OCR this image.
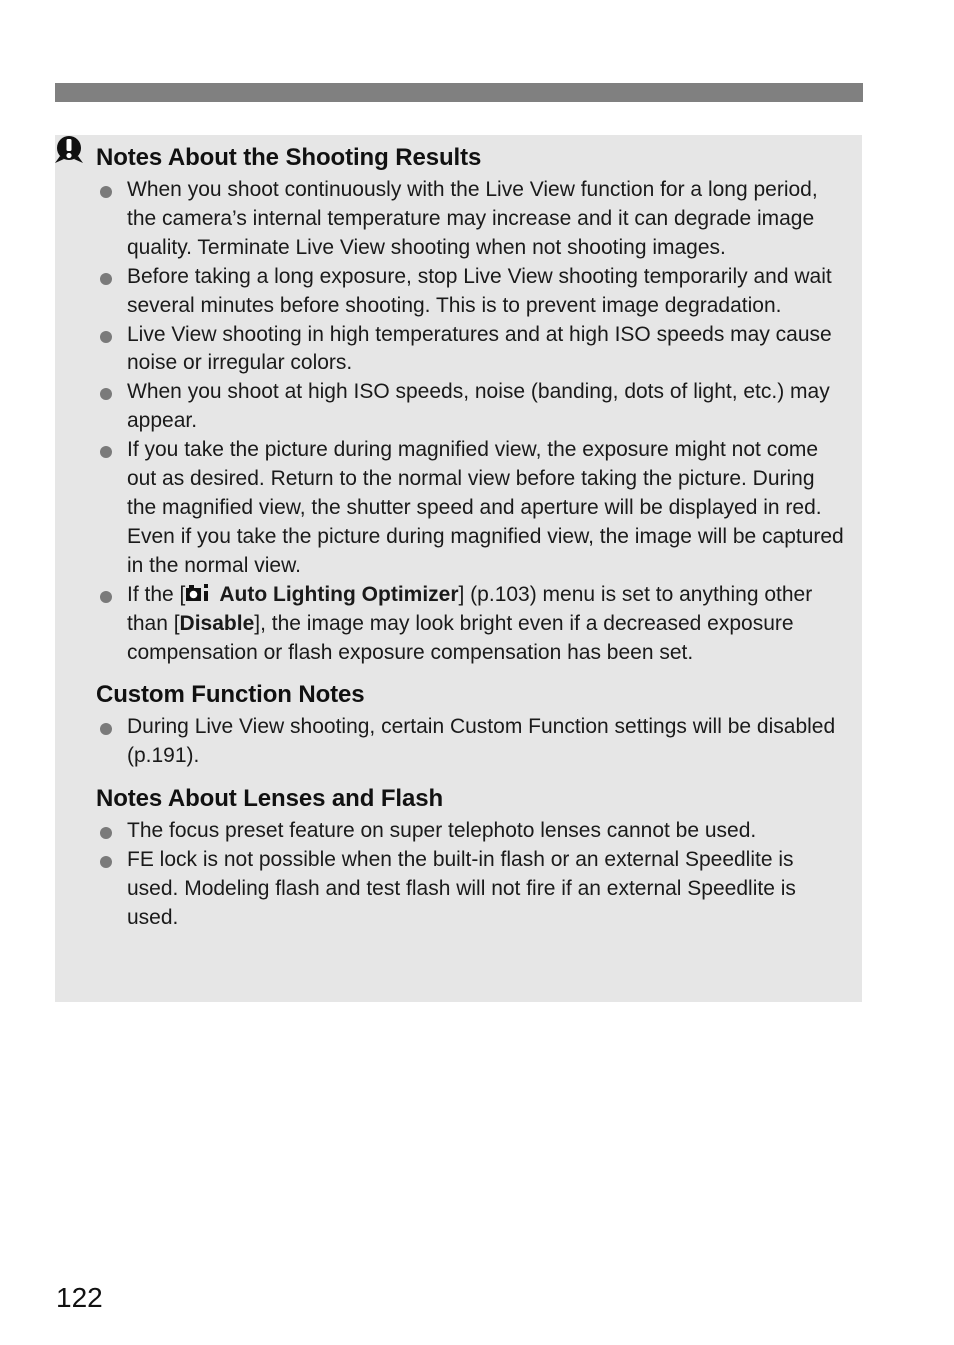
Notes About the Shooting Results
When you shoot continuously with the Live View function for a long period, the camera’s internal temperature may increase and it can degrade image quality. Terminate Live View shooting when not shooting images.
Before taking a long exposure, stop Live View shooting temporarily and wait several minutes before shooting. This is to prevent image degradation.
Live View shooting in high temperatures and at high ISO speeds may cause noise or irregular colors.
When you shoot at high ISO speeds, noise (banding, dots of light, etc.) may appear.
If you take the picture during magnified view, the exposure might not come out as desired. Return to the normal view before taking the picture. During the magnified view, the shutter speed and aperture will be displayed in red. Even if you take the picture during magnified view, the image will be captured in the normal view.
If the [ Auto Lighting Optimizer] (p.103) menu is set to anything other than [Disable], the image may look bright even if a decreased exposure compensation or flash exposure compensation has been set.
Custom Function Notes
During Live View shooting, certain Custom Function settings will be disabled (p.191).
Notes About Lenses and Flash
The focus preset feature on super telephoto lenses cannot be used.
FE lock is not possible when the built-in flash or an external Speedlite is used. Modeling flash and test flash will not fire if an external Speedlite is used.
122
